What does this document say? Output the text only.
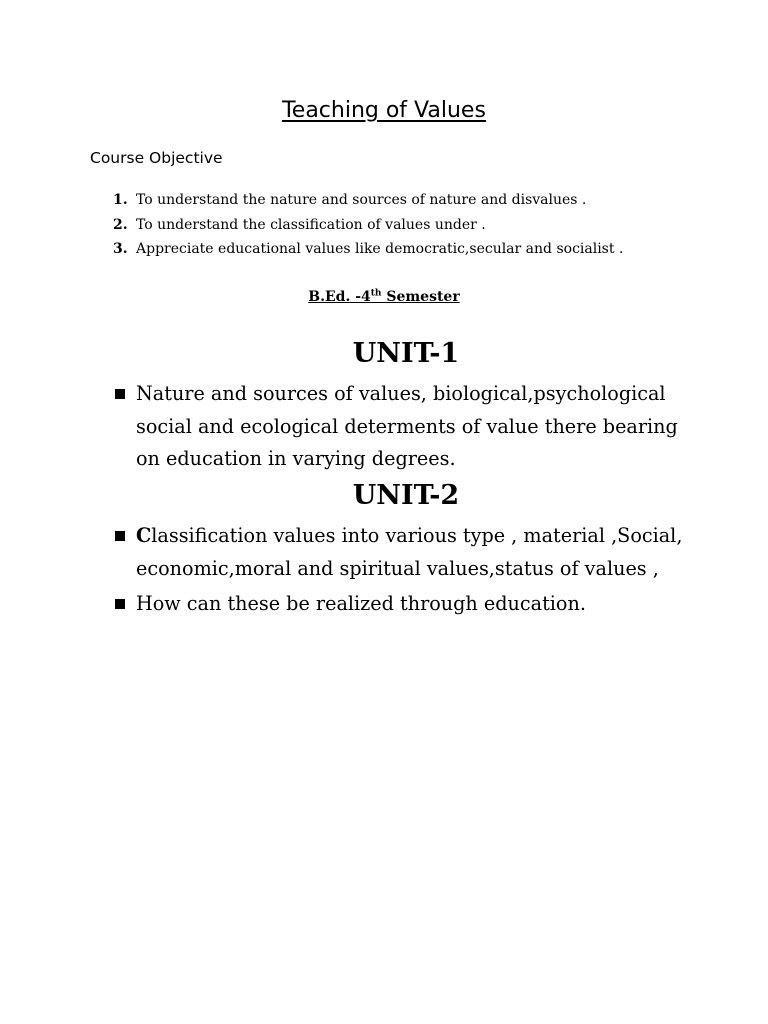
Teaching of Values
Course Objective
1. To understand the nature and sources of nature and disvalues .
2. To understand the classification of values under .
3. Appreciate educational values like democratic,secular and socialist .
B.Ed. -4th Semester
UNIT-1
Nature and sources of values, biological,psychological
social and ecological determents of value there bearing
on education in varying degrees.
UNIT-2
Classification values into various type , material ,Social,
economic,moral and spiritual values,status of values ,
How can these be realized through education.
